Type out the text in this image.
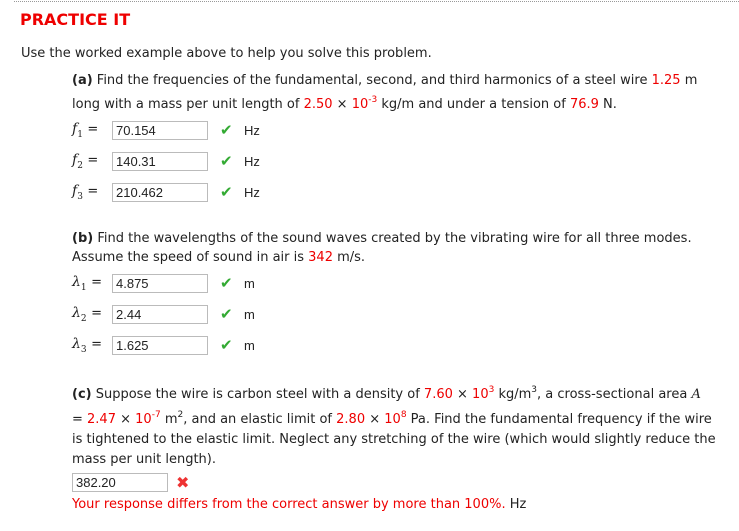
PRACTICE IT
Use the worked example above to help you solve this problem.
(a) Find the frequencies of the fundamental, second, and third harmonics of a steel wire 1.25 m
long with a mass per unit length of $2.50 \times 10^{-3}$ kg/m and under a tension of 76.9 N.
$f_1$ =	70.154	✔ Hz
$f_2$ =	140.31	✔ Hz
$f_3$ =	210.462	✔ Hz
$\lambda_1$ =	4.875	✔ m
$\lambda_2$ =	2.44	✔ m
$\lambda_3$ =	1.625	✔ m
(b) Find the wavelengths of the sound waves created by the vibrating wire for all three modes.
Assume the speed of sound in air is 342 m/s.
(c) Suppose the wire is carbon steel with a density of $7.60 \times 10^3$ $kg/m^3$, a cross-sectional area A
= $2.47 \times 10^{-7}$ $m^2$, and an elastic limit of $2.80 \times 10^8$ Pa. Find the fundamental frequency if the wire
is tightened to the elastic limit. Neglect any stretching of the wire (which would slightly reduce the
mass per unit length).
382.20	✖
Your response differs from the correct answer by more than 100%. Hz
